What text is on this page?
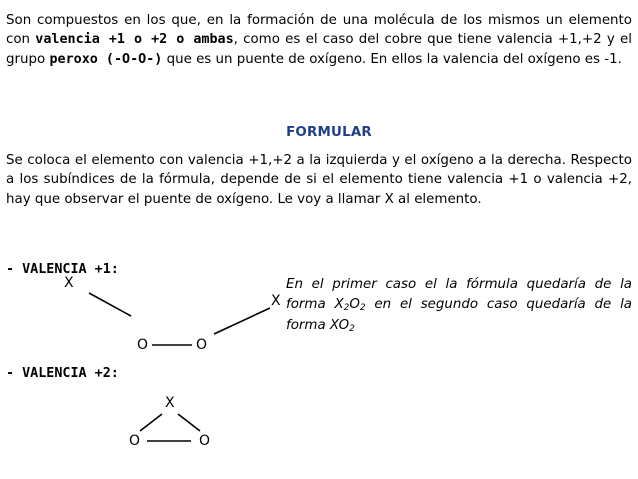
Son compuestos en los que, en la formación de una molécula de los mismos un elemento con valencia +1 o +2 o ambas, como es el caso del cobre que tiene valencia +1,+2 y el grupo peroxo (-O-O-) que es un puente de oxígeno. En ellos la valencia del oxígeno es -1.

FORMULAR

Se coloca el elemento con valencia +1,+2 a la izquierda y el oxígeno a la derecha. Respecto a los subíndices de la fórmula, depende de si el elemento tiene valencia +1 o valencia +2, hay que observar el puente de oxígeno. Le voy a llamar X al elemento.

- VALENCIA +1:
X
X
O	O

En el primer caso el la fórmula quedaría de la forma $X_2O_2$ en el segundo caso quedaría de la forma $XO_2$

- VALENCIA +2:
X
O	O
